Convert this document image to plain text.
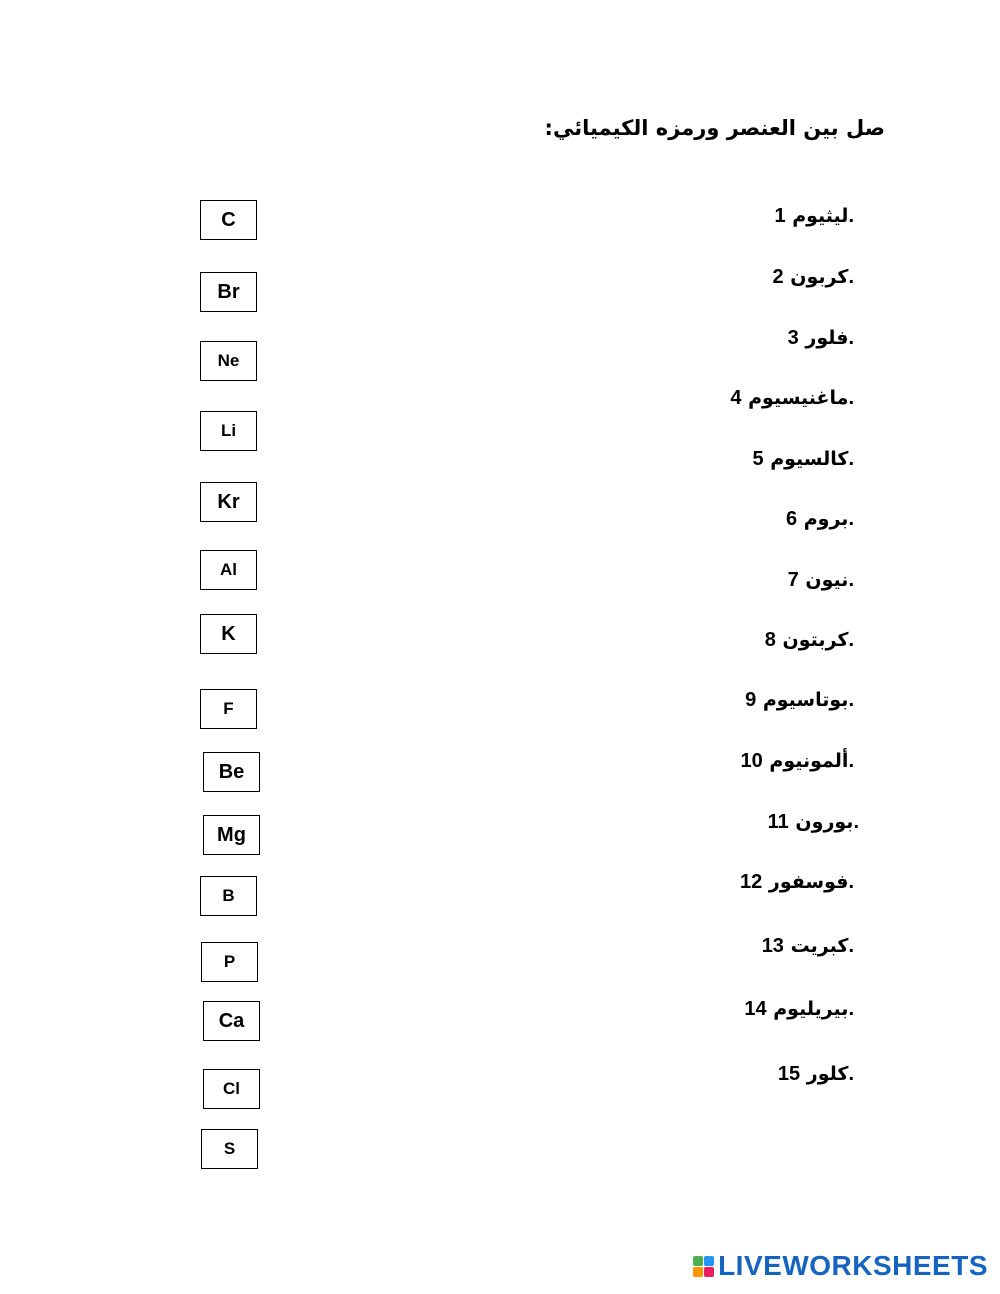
صل بين العنصر ورمزه الكيميائي:
ليثيوم 1.
كربون 2.
فلور 3.
ماغنيسيوم 4.
كالسيوم 5.
بروم 6.
نيون 7.
كربتون 8.
بوتاسيوم 9.
ألمونيوم 10.
بورون 11.
فوسفور 12.
كبريت 13.
بيريليوم 14.
كلور 15.
C
Br
Ne
Li
Kr
Al
K
F
Be
Mg
B
P
Ca
Cl
S
LIVEWORKSHEETS
